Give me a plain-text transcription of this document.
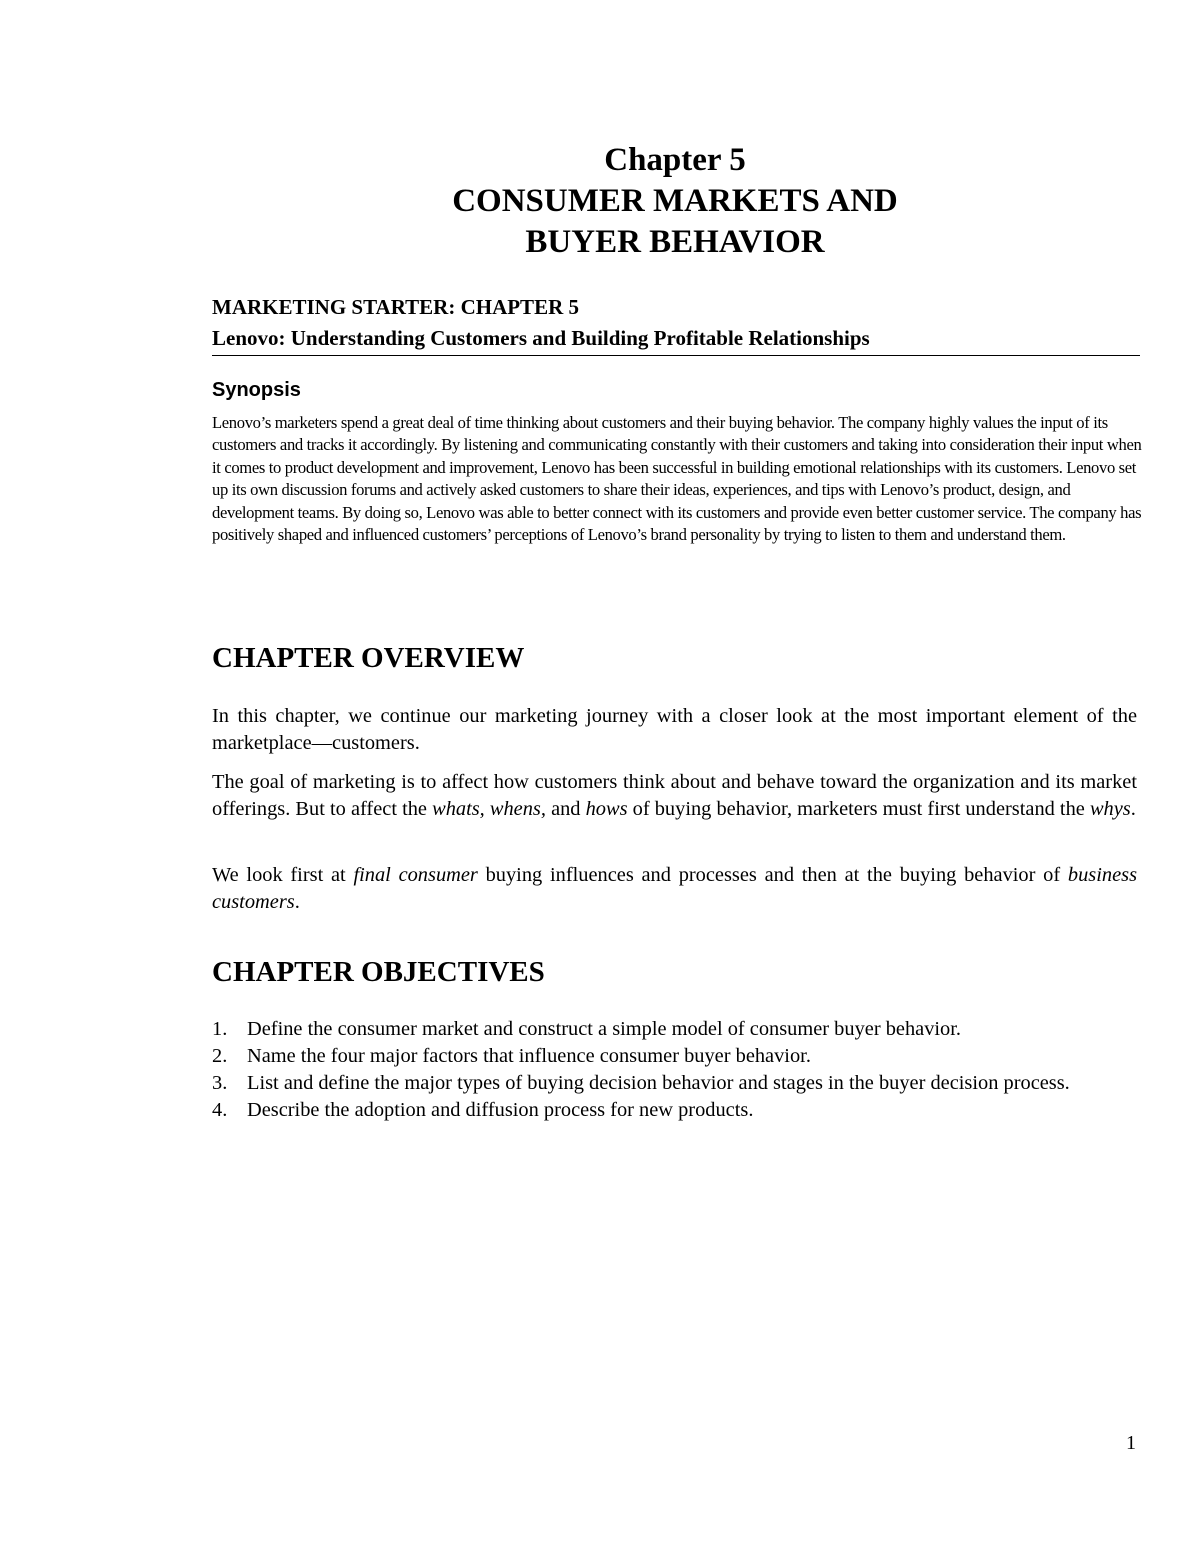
Chapter 5
CONSUMER MARKETS AND
BUYER BEHAVIOR
MARKETING STARTER: CHAPTER 5
Lenovo: Understanding Customers and Building Profitable Relationships
Synopsis
Lenovo’s marketers spend a great deal of time thinking about customers and their buying behavior. The company highly values the input of its customers and tracks it accordingly. By listening and communicating constantly with their customers and taking into consideration their input when it comes to product development and improvement, Lenovo has been successful in building emotional relationships with its customers. Lenovo set up its own discussion forums and actively asked customers to share their ideas, experiences, and tips with Lenovo’s product, design, and development teams. By doing so, Lenovo was able to better connect with its customers and provide even better customer service. The company has positively shaped and influenced customers’ perceptions of Lenovo’s brand personality by trying to listen to them and understand them.
CHAPTER OVERVIEW

In this chapter, we continue our marketing journey with a closer look at the most important element of the marketplace—customers.

The goal of marketing is to affect how customers think about and behave toward the organization and its market offerings. But to affect the whats, whens, and hows of buying behavior, marketers must first understand the whys.

We look first at final consumer buying influences and processes and then at the buying behavior of business customers.

CHAPTER OBJECTIVES
1. Define the consumer market and construct a simple model of consumer buyer behavior.
2. Name the four major factors that influence consumer buyer behavior.
3. List and define the major types of buying decision behavior and stages in the buyer decision process.
4. Describe the adoption and diffusion process for new products.
1
